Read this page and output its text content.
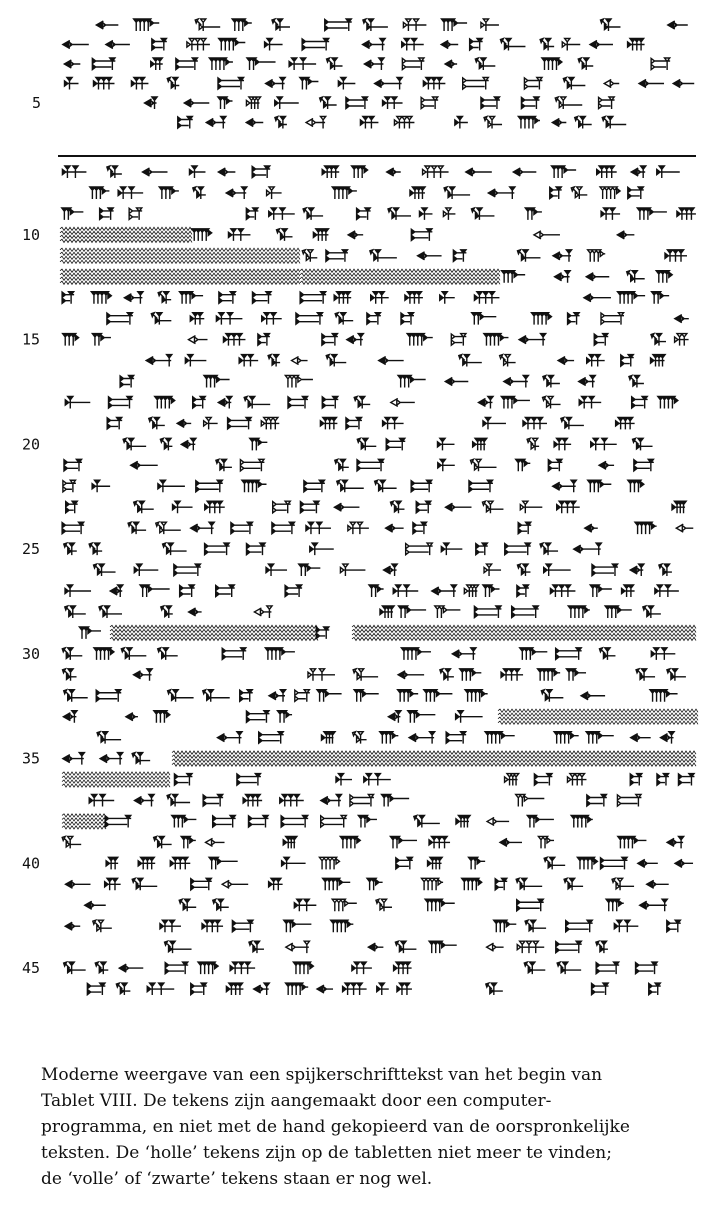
5
10
15
20
25
30
35
40
45

Moderne weergave van een spijkerschrifttekst van het begin van
Tablet VIII. De tekens zijn aangemaakt door een computer-
programma, en niet met de hand gekopieerd van de oorspronkelijke
teksten. De ‘holle’ tekens zijn op de tabletten niet meer te vinden;
de ‘volle’ of ‘zwarte’ tekens staan er nog wel.
